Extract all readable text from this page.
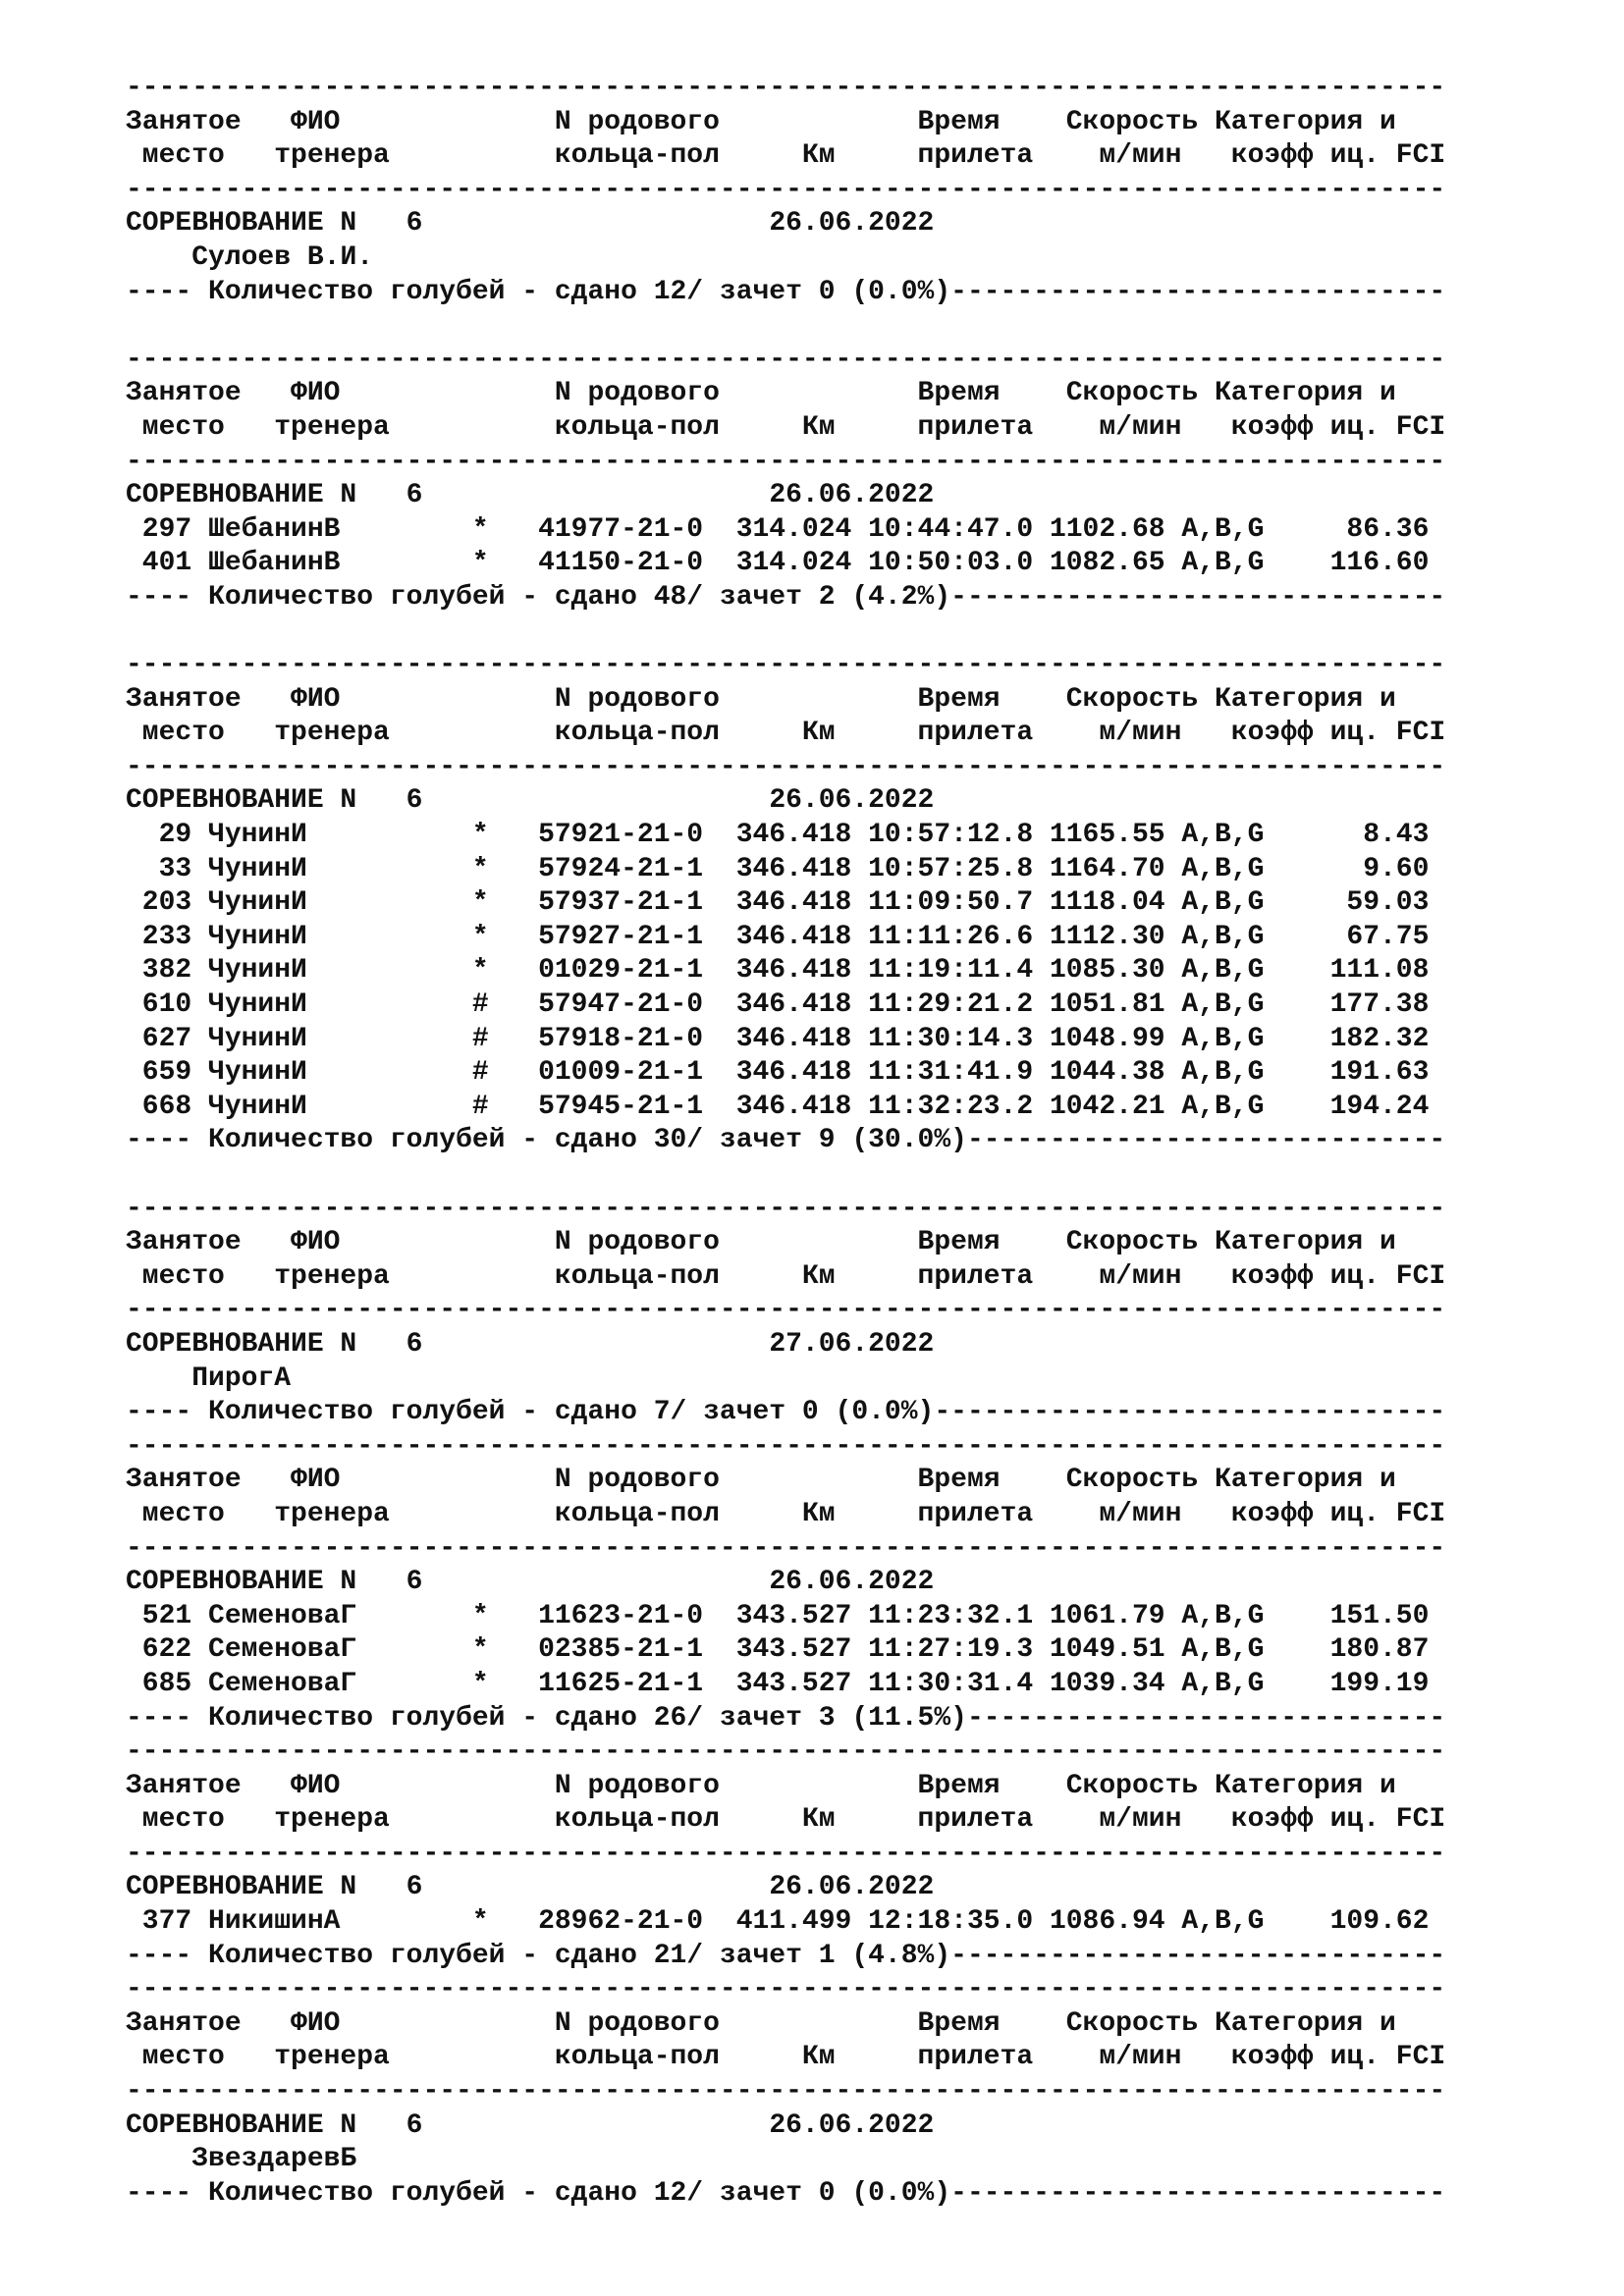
--------------------------------------------------------------------------------
Занятое   ФИО             N родового            Время    Скорость Категория и
место   тренера          кольца-пол     Км     прилета    м/мин   коэфф иц. FCI
--------------------------------------------------------------------------------
СОРЕВНОВАНИЕ N   6	26.06.2022
Сулоев В.И.
---- Количество голубей - сдано 12/ зачет 0 (0.0%)------------------------------
--------------------------------------------------------------------------------
Занятое   ФИО             N родового            Время    Скорость Категория и
место   тренера          кольца-пол     Км     прилета    м/мин   коэфф иц. FCI
--------------------------------------------------------------------------------
СОРЕВНОВАНИЕ N   6	26.06.2022
297 ШебанинВ        *   41977-21-0  314.024 10:44:47.0 1102.68 A,B,G     86.36
401 ШебанинВ        *   41150-21-0  314.024 10:50:03.0 1082.65 A,B,G    116.60
---- Количество голубей - сдано 48/ зачет 2 (4.2%)------------------------------
--------------------------------------------------------------------------------
Занятое   ФИО             N родового            Время    Скорость Категория и
место   тренера          кольца-пол     Км     прилета    м/мин   коэфф иц. FCI
--------------------------------------------------------------------------------
СОРЕВНОВАНИЕ N   6	26.06.2022
29 ЧунинИ          *   57921-21-0  346.418 10:57:12.8 1165.55 A,B,G      8.43
33 ЧунинИ          *   57924-21-1  346.418 10:57:25.8 1164.70 A,B,G      9.60
203 ЧунинИ          *   57937-21-1  346.418 11:09:50.7 1118.04 A,B,G     59.03
233 ЧунинИ          *   57927-21-1  346.418 11:11:26.6 1112.30 A,B,G     67.75
382 ЧунинИ          *   01029-21-1  346.418 11:19:11.4 1085.30 A,B,G    111.08
610 ЧунинИ          #   57947-21-0  346.418 11:29:21.2 1051.81 A,B,G    177.38
627 ЧунинИ          #   57918-21-0  346.418 11:30:14.3 1048.99 A,B,G    182.32
659 ЧунинИ          #   01009-21-1  346.418 11:31:41.9 1044.38 A,B,G    191.63
668 ЧунинИ          #   57945-21-1  346.418 11:32:23.2 1042.21 A,B,G    194.24
---- Количество голубей - сдано 30/ зачет 9 (30.0%)-----------------------------
--------------------------------------------------------------------------------
Занятое   ФИО             N родового            Время    Скорость Категория и
место   тренера          кольца-пол     Км     прилета    м/мин   коэфф иц. FCI
--------------------------------------------------------------------------------
СОРЕВНОВАНИЕ N   6	27.06.2022
ПирогА
---- Количество голубей - сдано 7/ зачет 0 (0.0%)-------------------------------
--------------------------------------------------------------------------------
Занятое   ФИО             N родового            Время    Скорость Категория и
место   тренера          кольца-пол     Км     прилета    м/мин   коэфф иц. FCI
--------------------------------------------------------------------------------
СОРЕВНОВАНИЕ N   6	26.06.2022
521 СеменоваГ       *   11623-21-0  343.527 11:23:32.1 1061.79 A,B,G    151.50
622 СеменоваГ       *   02385-21-1  343.527 11:27:19.3 1049.51 A,B,G    180.87
685 СеменоваГ       *   11625-21-1  343.527 11:30:31.4 1039.34 A,B,G    199.19
---- Количество голубей - сдано 26/ зачет 3 (11.5%)-----------------------------
--------------------------------------------------------------------------------
Занятое   ФИО             N родового            Время    Скорость Категория и
место   тренера          кольца-пол     Км     прилета    м/мин   коэфф иц. FCI
--------------------------------------------------------------------------------
СОРЕВНОВАНИЕ N   6	26.06.2022
377 НикишинА        *   28962-21-0  411.499 12:18:35.0 1086.94 A,B,G    109.62
---- Количество голубей - сдано 21/ зачет 1 (4.8%)------------------------------
--------------------------------------------------------------------------------
Занятое   ФИО             N родового            Время    Скорость Категория и
место   тренера          кольца-пол     Км     прилета    м/мин   коэфф иц. FCI
--------------------------------------------------------------------------------
СОРЕВНОВАНИЕ N   6	26.06.2022
ЗвездаревБ
---- Количество голубей - сдано 12/ зачет 0 (0.0%)------------------------------
